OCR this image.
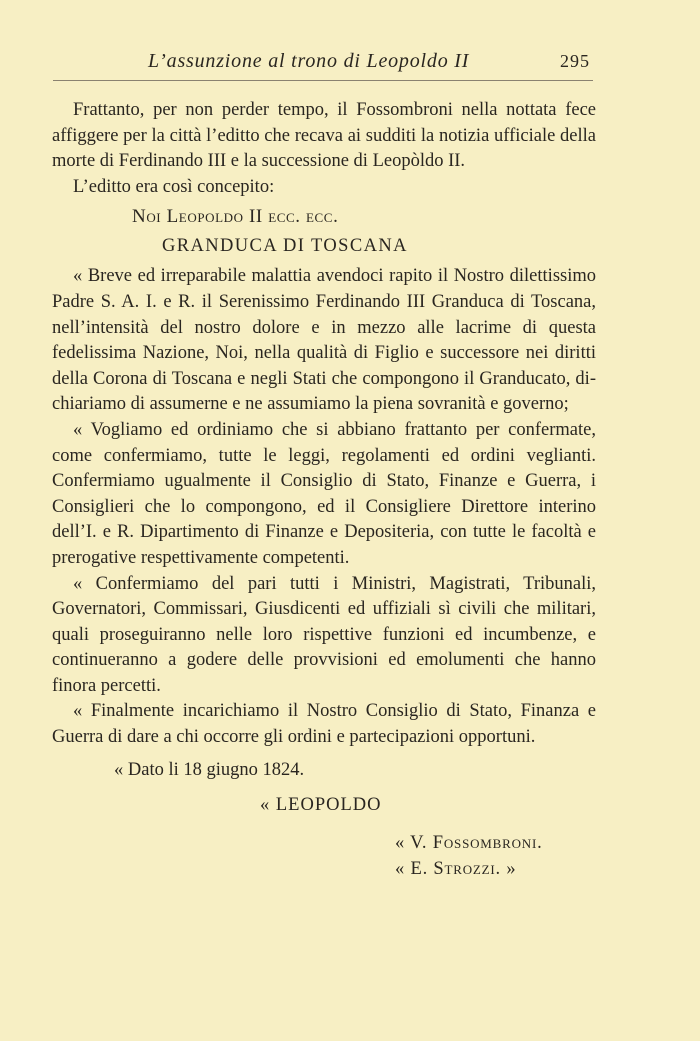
L’assunzione al trono di Leopoldo II	295

Frattanto, per non perder tempo, il Fossombroni nella nottata fece affiggere per la città l’editto che recava ai sudditi la notizia ufficiale della morte di Ferdinando III e la successione di Leopòldo II.

L’editto era così concepito:

Noi Leopoldo II ecc. ecc.

GRANDUCA DI TOSCANA

« Breve ed irreparabile malattia avendoci rapito il Nostro dilettissimo Padre S. A. I. e R. il Serenissimo Ferdinando III Granduca di Toscana, nell’intensità del nostro dolore e in mezzo alle lacrime di questa fedelissima Nazione, Noi, nella qualità di Figlio e successore nei diritti della Corona di Toscana e negli Stati che compongono il Granducato, dichiariamo di assumerne e ne assumiamo la piena sovranità e governo;

« Vogliamo ed ordiniamo che si abbiano frattanto per confermate, come confermiamo, tutte le leggi, regolamenti ed ordini veglianti. Confermiamo ugualmente il Consiglio di Stato, Finanze e Guerra, i Consiglieri che lo compongono, ed il Consigliere Direttore interino dell’I. e R. Dipartimento di Finanze e Depositeria, con tutte le facoltà e prerogative respettivamente competenti.

« Confermiamo del pari tutti i Ministri, Magistrati, Tribunali, Governatori, Commissari, Giusdicenti ed uffiziali sì civili che militari, quali proseguiranno nelle loro rispettive funzioni ed incumbenze, e continueranno a godere delle provvisioni ed emolumenti che hanno finora percetti.

« Finalmente incarichiamo il Nostro Consiglio di Stato, Finanza e Guerra di dare a chi occorre gli ordini e partecipazioni opportuni.

« Dato li 18 giugno 1824.

« LEOPOLDO

« V. Fossombroni.

« E. Strozzi. »
